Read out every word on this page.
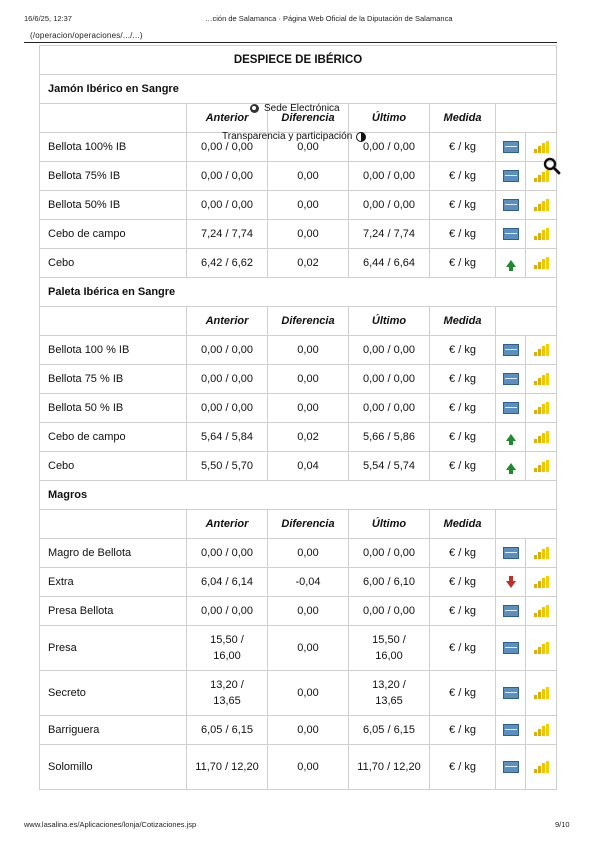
16/6/25, 12:37	…ción de Salamanca · Página Web Oficial de la Diputación de Salamanca
(/operacion/operaciones/.../...)
DESPIECE DE IBÉRICO						
Jamón Ibérico en Sangre						
	Anterior	Diferencia	Último	Medida		
Bellota 100% IB	0,00 / 0,00	0,00	0,00 / 0,00	€ / kg		

Bellota 75% IB	0,00 / 0,00	0,00	0,00 / 0,00	€ / kg		

Bellota 50% IB	0,00 / 0,00	0,00	0,00 / 0,00	€ / kg		

Cebo de campo	7,24 / 7,74	0,00	7,24 / 7,74	€ / kg		

Cebo	6,42 / 6,62	0,02	6,44 / 6,64	€ / kg		

Paleta Ibérica en Sangre						
	Anterior	Diferencia	Último	Medida		
Bellota 100 % IB	0,00 / 0,00	0,00	0,00 / 0,00	€ / kg		

Bellota 75 % IB	0,00 / 0,00	0,00	0,00 / 0,00	€ / kg		

Bellota 50 % IB	0,00 / 0,00	0,00	0,00 / 0,00	€ / kg		

Cebo de campo	5,64 / 5,84	0,02	5,66 / 5,86	€ / kg		

Cebo	5,50 / 5,70	0,04	5,54 / 5,74	€ / kg		

Magros						
	Anterior	Diferencia	Último	Medida		
Magro de Bellota	0,00 / 0,00	0,00	0,00 / 0,00	€ / kg		

Extra	6,04 / 6,14	-0,04	6,00 / 6,10	€ / kg		

Presa Bellota	0,00 / 0,00	0,00	0,00 / 0,00	€ / kg		

Presa	15,50 / 16,00	0,00	15,50 / 16,00	€ / kg		

Secreto	13,20 / 13,65	0,00	13,20 / 13,65	€ / kg		

Barriguera	6,05 / 6,15	0,00	6,05 / 6,15	€ / kg		

Solomillo	11,70 / 12,20	0,00	11,70 / 12,20	€ / kg		
Sede Electrónica
Transparencia y participación
www.lasalina.es/Aplicaciones/lonja/Cotizaciones.jsp	9/10
